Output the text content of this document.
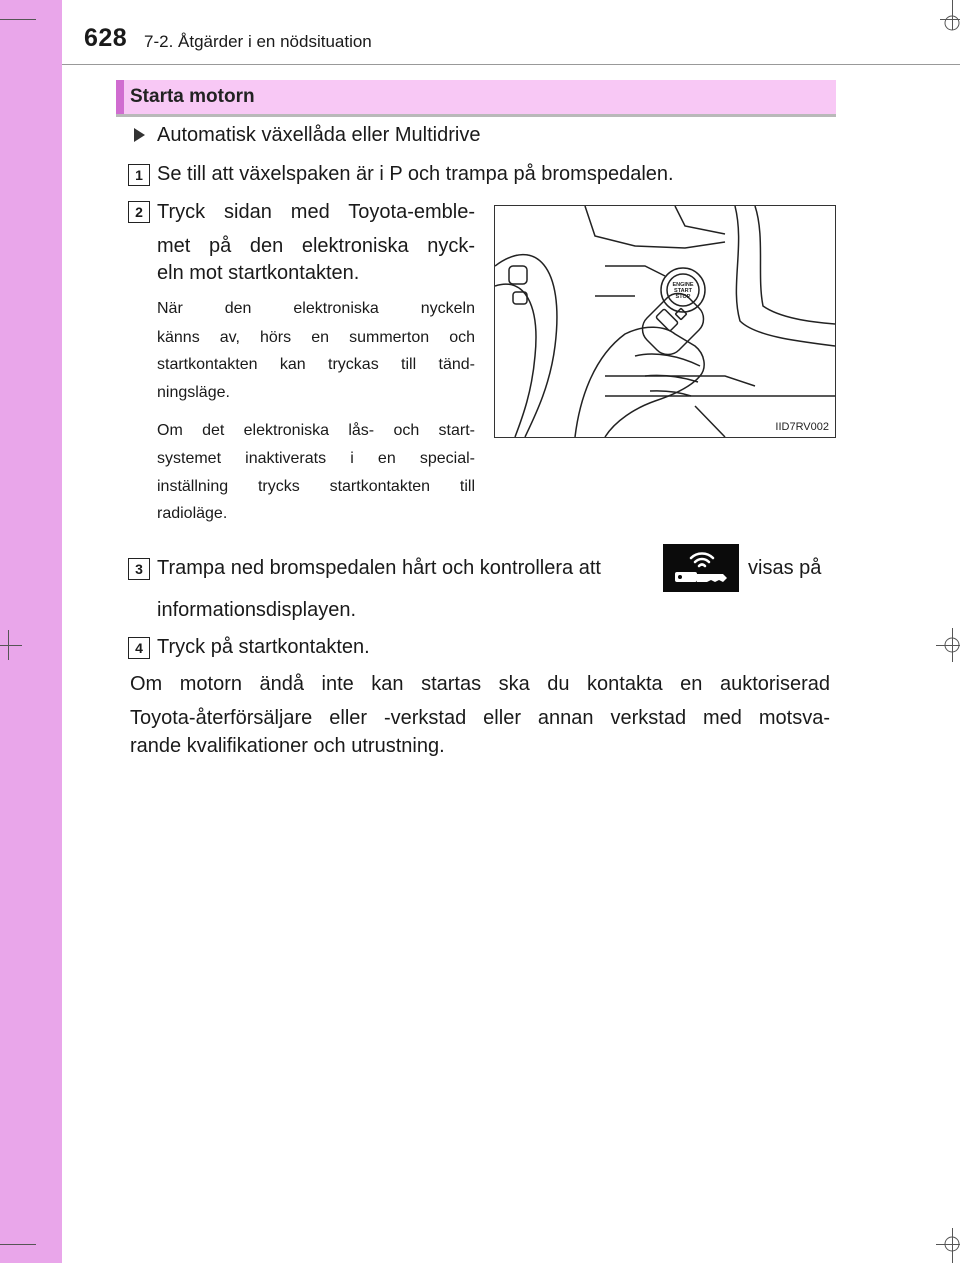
628 7-2. Åtgärder i en nödsituation
Starta motorn
Automatisk växellåda eller Multidrive
1 Se till att växelspaken är i P och trampa på bromspedalen.
2 Tryck sidan med Toyota-emble-
met på den elektroniska nyck-
eln mot startkontakten.
När den elektroniska nyckeln
känns av, hörs en summerton och
startkontakten kan tryckas till tänd-
ningsläge.
Om det elektroniska lås- och start-
systemet inaktiverats i en special-
inställning trycks startkontakten till
radioläge.
ENGINE
START
STOP
IID7RV002
3 Trampa ned bromspedalen hårt och kontrollera att	visas på
informationsdisplayen.
4 Tryck på startkontakten.
Om motorn ändå inte kan startas ska du kontakta en auktoriserad
Toyota-återförsäljare eller -verkstad eller annan verkstad med motsva-
rande kvalifikationer och utrustning.
